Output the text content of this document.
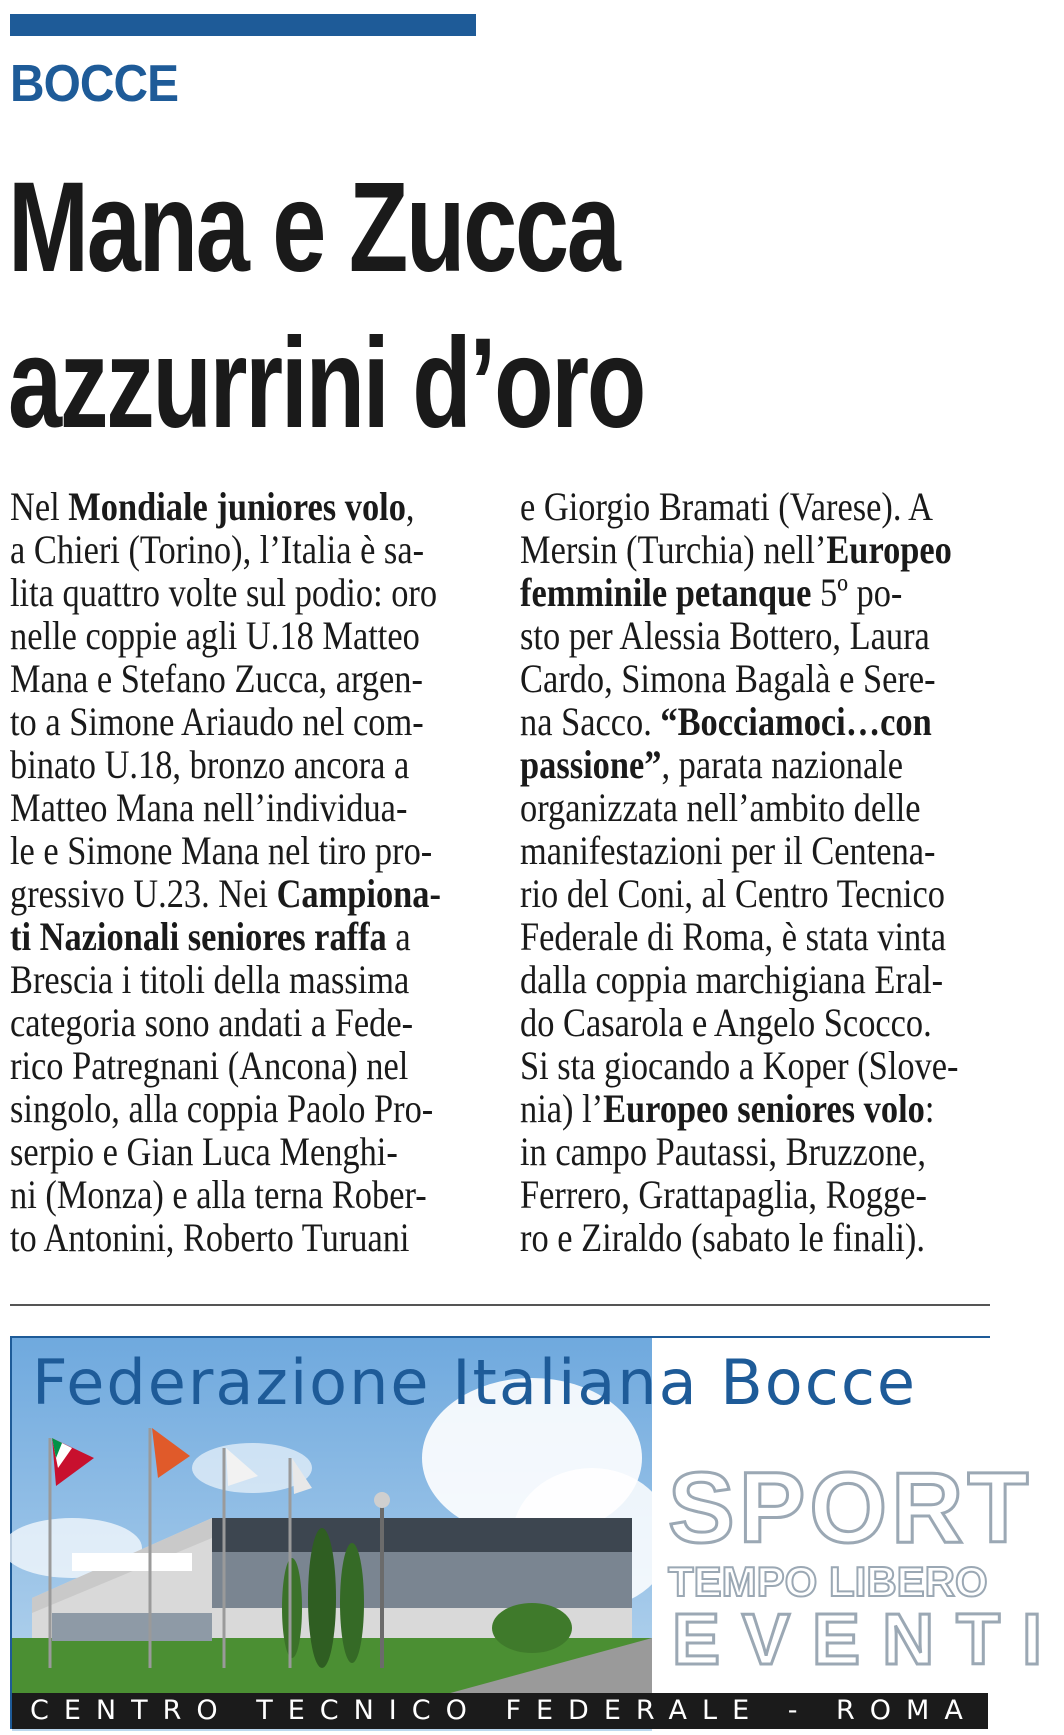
BOCCE
Mana e Zucca
azzurrini d’oro
Nel Mondiale juniores volo,
a Chieri (Torino), l’Italia è sa-
lita quattro volte sul podio: oro
nelle coppie agli U.18 Matteo
Mana e Stefano Zucca, argen-
to a Simone Ariaudo nel com-
binato U.18, bronzo ancora a
Matteo Mana nell’individua-
le e Simone Mana nel tiro pro-
gressivo U.23. Nei Campiona-
ti Nazionali seniores raffa a
Brescia i titoli della massima
categoria sono andati a Fede-
rico Patregnani (Ancona) nel
singolo, alla coppia Paolo Pro-
serpio e Gian Luca Menghi-
ni (Monza) e alla terna Rober-
to Antonini, Roberto Turuani
e Giorgio Bramati (Varese). A
Mersin (Turchia) nell’Europeo
femminile petanque 5º po-
sto per Alessia Bottero, Laura
Cardo, Simona Bagalà e Sere-
na Sacco. “Bocciamoci…con
passione”, parata nazionale
organizzata nell’ambito delle
manifestazioni per il Centena-
rio del Coni, al Centro Tecnico
Federale di Roma, è stata vinta
dalla coppia marchigiana Eral-
do Casarola e Angelo Scocco.
Si sta giocando a Koper (Slove-
nia) l’Europeo seniores volo:
in campo Pautassi, Bruzzone,
Ferrero, Grattapaglia, Rogge-
ro e Ziraldo (sabato le finali).
Federazione Italiana Bocce
SPORT
TEMPO LIBERO
EVENTI
CENTRO TECNICO FEDERALE - ROMA
